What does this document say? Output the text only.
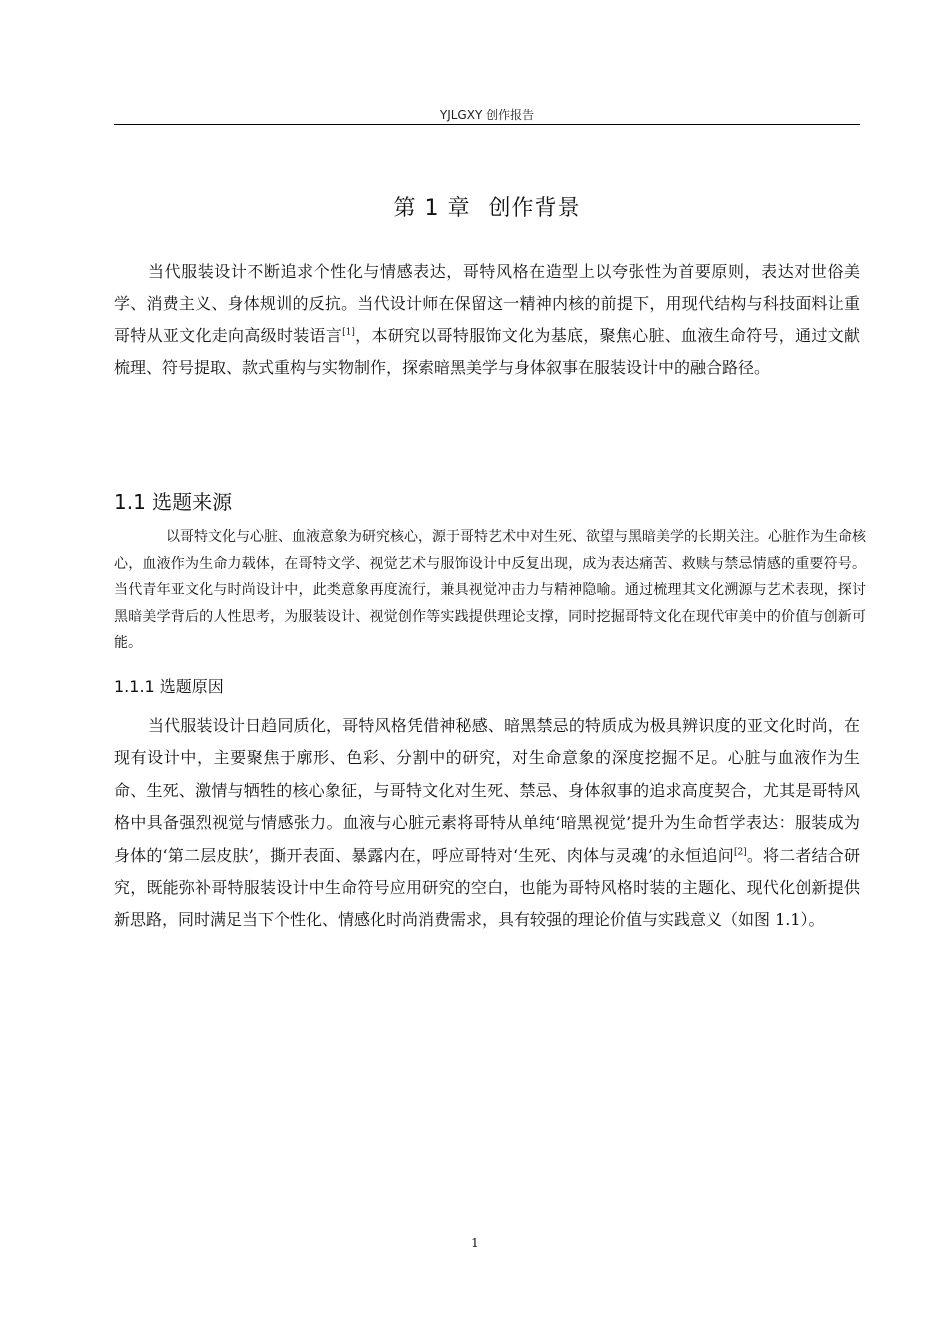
YJLGXY 创作报告
第 1 章 创作背景

当代服装设计不断追求个性化与情感表达，哥特风格在造型上以夸张性为首要原则，表达对世俗美学、消费主义、身体规训的反抗。当代设计师在保留这一精神内核的前提下，用现代结构与科技面料让重哥特从亚文化走向高级时装语言[1]，本研究以哥特服饰文化为基底，聚焦心脏、血液生命符号，通过文献梳理、符号提取、款式重构与实物制作，探索暗黑美学与身体叙事在服装设计中的融合路径。

1.1 选题来源

以哥特文化与心脏、血液意象为研究核心，源于哥特艺术中对生死、欲望与黑暗美学的长期关注。心脏作为生命核心，血液作为生命力载体，在哥特文学、视觉艺术与服饰设计中反复出现，成为表达痛苦、救赎与禁忌情感的重要符号。当代青年亚文化与时尚设计中，此类意象再度流行，兼具视觉冲击力与精神隐喻。通过梳理其文化溯源与艺术表现，探讨黑暗美学背后的人性思考，为服装设计、视觉创作等实践提供理论支撑，同时挖掘哥特文化在现代审美中的价值与创新可能。

1.1.1 选题原因

当代服装设计日趋同质化，哥特风格凭借神秘感、暗黑禁忌的特质成为极具辨识度的亚文化时尚，在现有设计中，主要聚焦于廓形、色彩、分割中的研究，对生命意象的深度挖掘不足。心脏与血液作为生命、生死、激情与牺牲的核心象征，与哥特文化对生死、禁忌、身体叙事的追求高度契合，尤其是哥特风格中具备强烈视觉与情感张力。血液与心脏元素将哥特从单纯‘暗黑视觉’提升为生命哲学表达：服装成为身体的‘第二层皮肤’，撕开表面、暴露内在，呼应哥特对‘生死、肉体与灵魂’的永恒追问[2]。将二者结合研究，既能弥补哥特服装设计中生命符号应用研究的空白，也能为哥特风格时装的主题化、现代化创新提供新思路，同时满足当下个性化、情感化时尚消费需求，具有较强的理论价值与实践意义（如图 1.1）。

1
